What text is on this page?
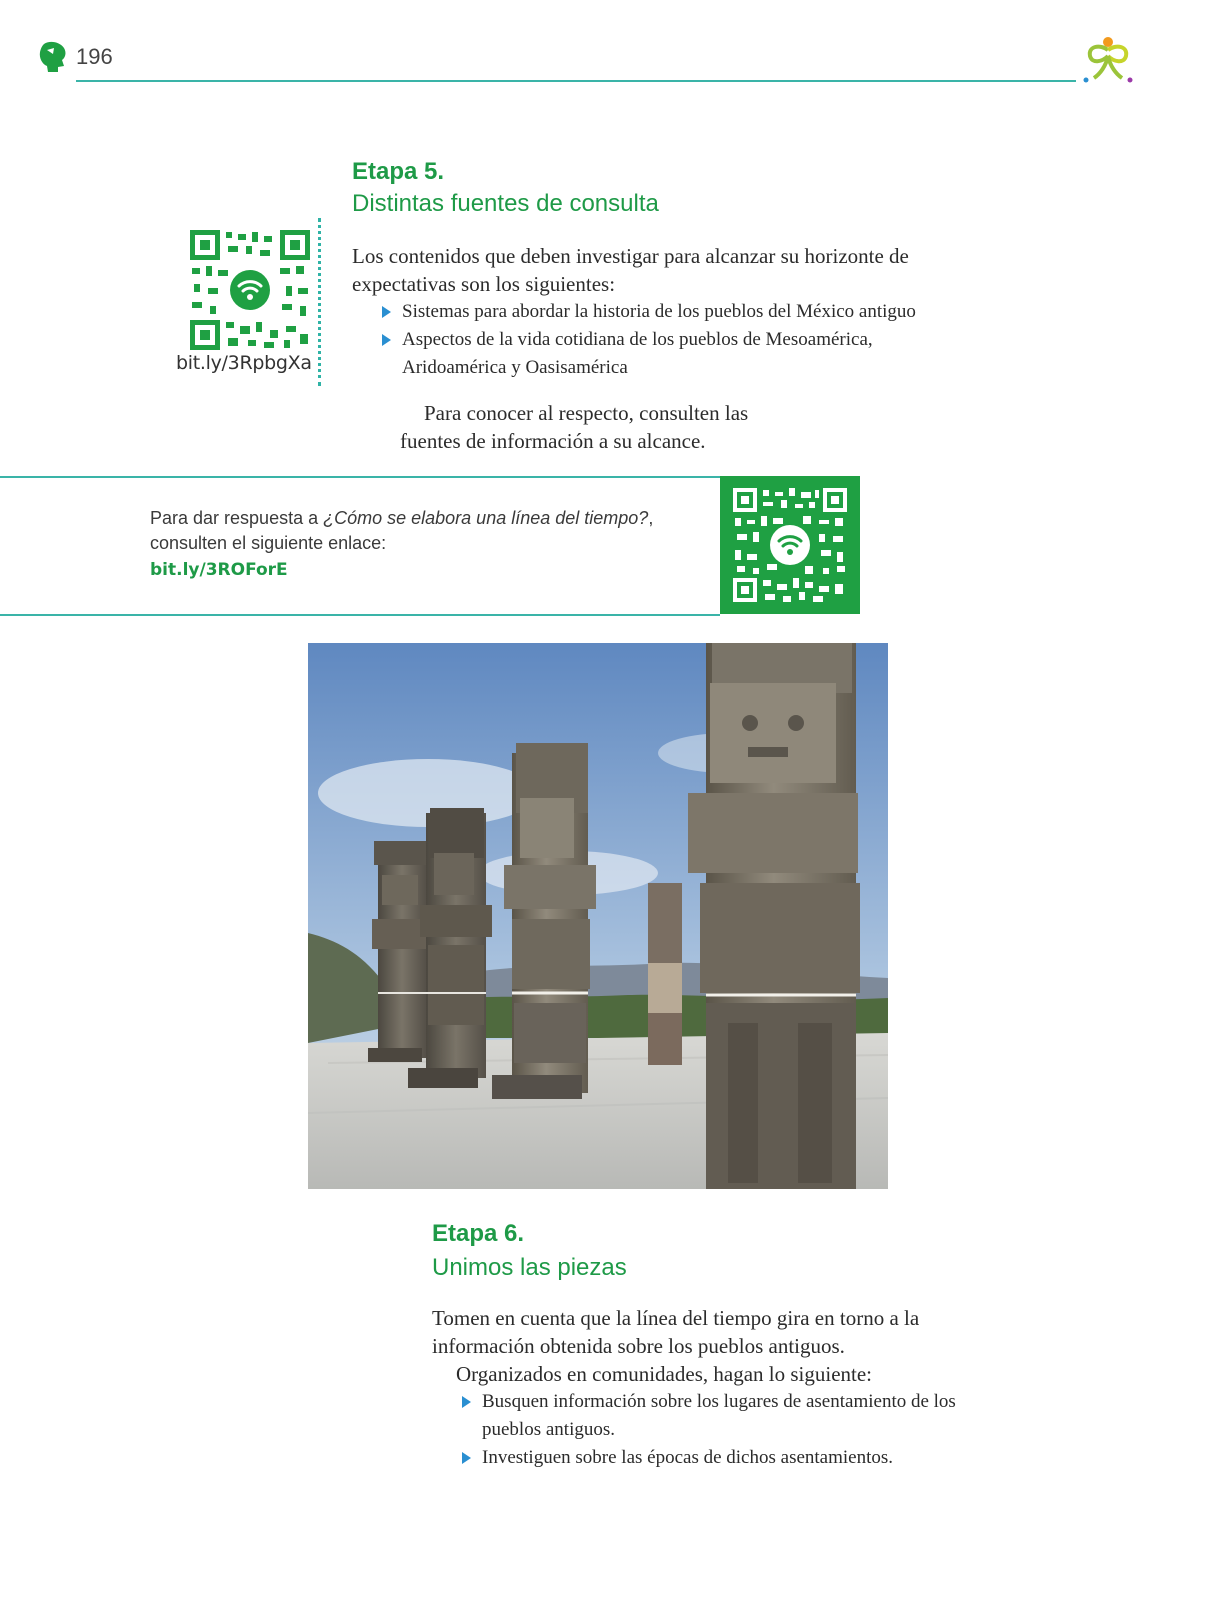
196
Etapa 5.
Distintas fuentes de consulta
bit.ly/3RpbgXa
Los contenidos que deben investigar para alcanzar su horizonte de
expectativas son los siguientes:
Sistemas para abordar la historia de los pueblos del México antiguo
Aspectos de la vida cotidiana de los pueblos de Mesoamérica,
Aridoamérica y Oasisamérica
Para conocer al respecto, consulten las
fuentes de información a su alcance.
Para dar respuesta a ¿Cómo se elabora una línea del tiempo?,
consulten el siguiente enlace:
bit.ly/3ROForE
Etapa 6.
Unimos las piezas
Tomen en cuenta que la línea del tiempo gira en torno a la
información obtenida sobre los pueblos antiguos.
Organizados en comunidades, hagan lo siguiente:
Busquen información sobre los lugares de asentamiento de los
pueblos antiguos.
Investiguen sobre las épocas de dichos asentamientos.
